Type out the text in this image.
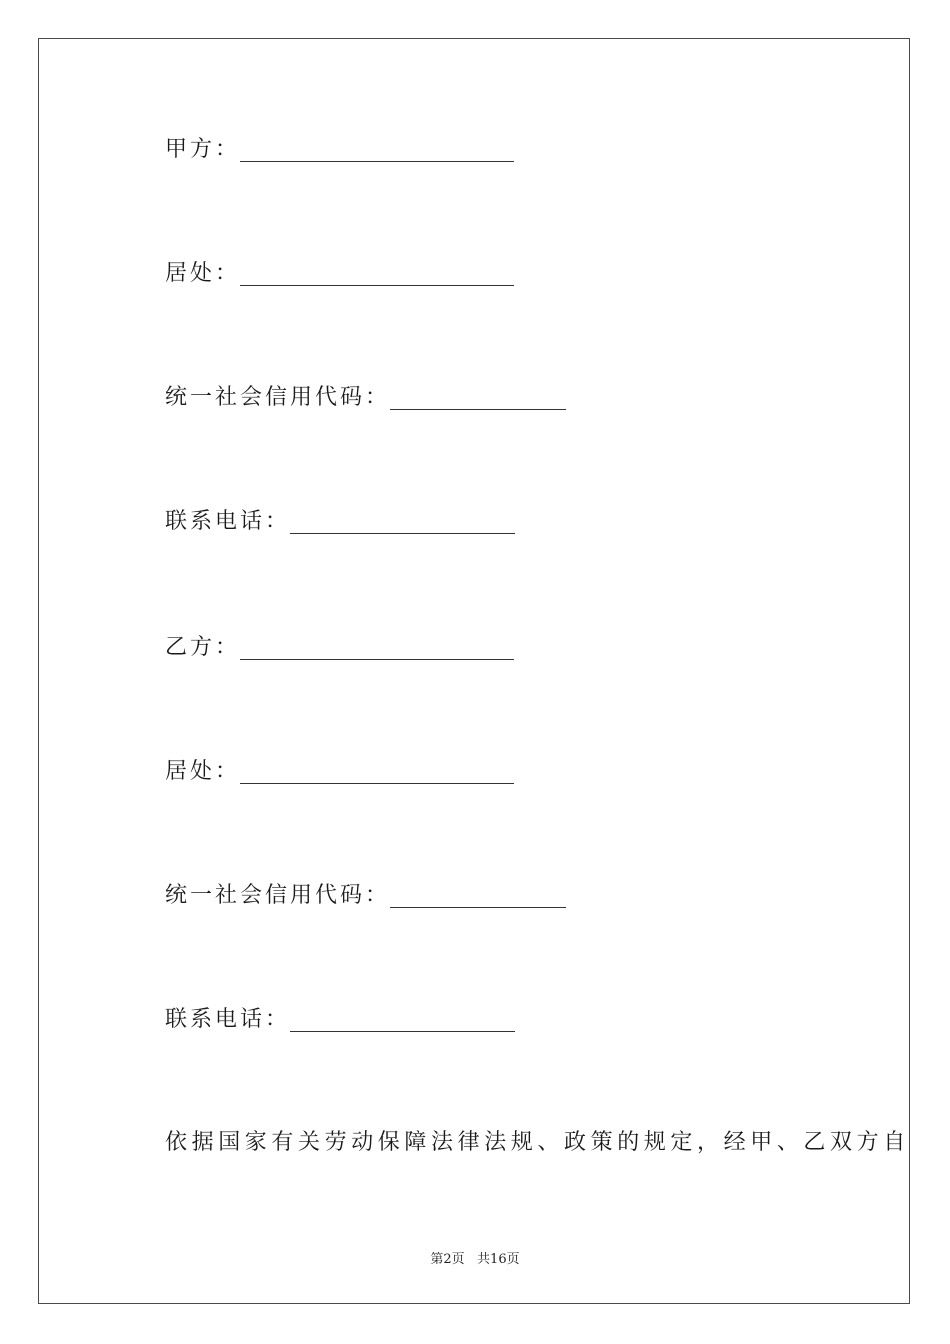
甲方：
居处：
统一社会信用代码：
联系电话：
乙方：
居处：
统一社会信用代码：
联系电话：
依据国家有关劳动保障法律法规、政策的规定，经甲、乙双方自
第2页   共16页
